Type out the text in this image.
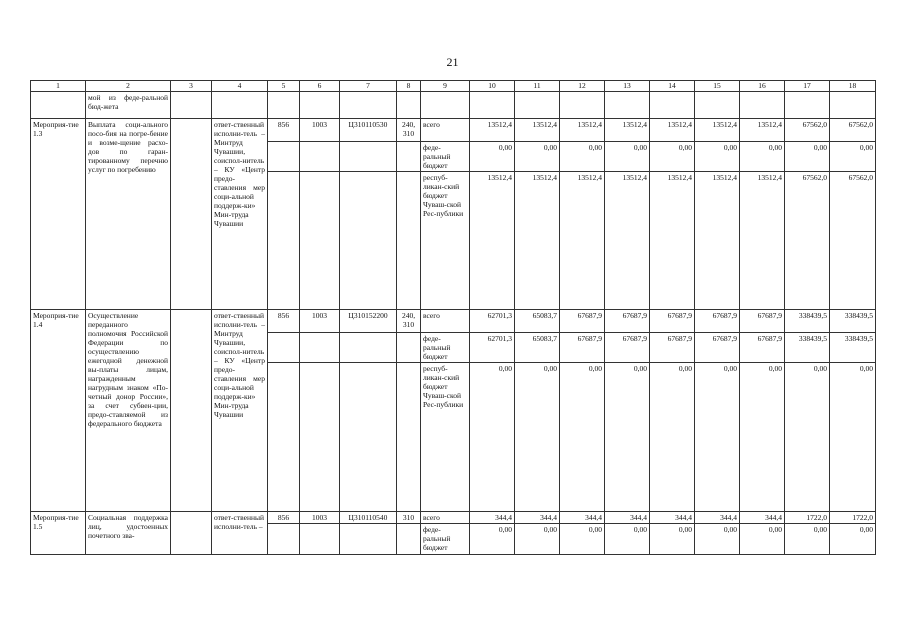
21
1	2	3	4	5	6	7	8	9	10	11	12	13	14	15	16	17	18
	мой из феде-ральной бюд-жета																
Мероприя-тие 1.3	Выплата соци-ального посо-бия на погре-бение и возме-щение расхо-дов по гаран-тированному перечню услуг по погребению		ответ-ственный исполни-тель – Минтруд Чувашии, соиспол-нитель – КУ «Центр предо-ставления мер соци-альной поддерж-ки» Мин-труда Чувашии	856	1003	Ц310110530	240, 310	всего	13512,4	13512,4	13512,4	13512,4	13512,4	13512,4	13512,4	67562,0	67562,0
								феде-ральный бюджет	0,00	0,00	0,00	0,00	0,00	0,00	0,00	0,00	0,00
								респуб-ликан-ский бюджет Чуваш-ской Рес-публики	13512,4	13512,4	13512,4	13512,4	13512,4	13512,4	13512,4	67562,0	67562,0
Мероприя-тие 1.4	Осуществление переданного полномочия Российской Федерации по осуществлению ежегодной денежной вы-платы лицам, награжденным нагрудным знаком «По-четный донор России», за счет субвен-ции, предо-ставляемой из федерального бюджета		ответ-ственный исполни-тель – Минтруд Чувашии, соиспол-нитель – КУ «Центр предо-ставления мер соци-альной поддерж-ки» Мин-труда Чувашии	856	1003	Ц310152200	240, 310	всего	62701,3	65083,7	67687,9	67687,9	67687,9	67687,9	67687,9	338439,5	338439,5
								феде-ральный бюджет	62701,3	65083,7	67687,9	67687,9	67687,9	67687,9	67687,9	338439,5	338439,5
								респуб-ликан-ский бюджет Чуваш-ской Рес-публики	0,00	0,00	0,00	0,00	0,00	0,00	0,00	0,00	0,00
Мероприя-тие 1.5	Социальная поддержка лиц, удостоенных почетного зва-		ответ-ственный исполни-тель –	856	1003	Ц310110540	310	всего	344,4	344,4	344,4	344,4	344,4	344,4	344,4	1722,0	1722,0
								феде-ральный бюджет	0,00	0,00	0,00	0,00	0,00	0,00	0,00	0,00	0,00
